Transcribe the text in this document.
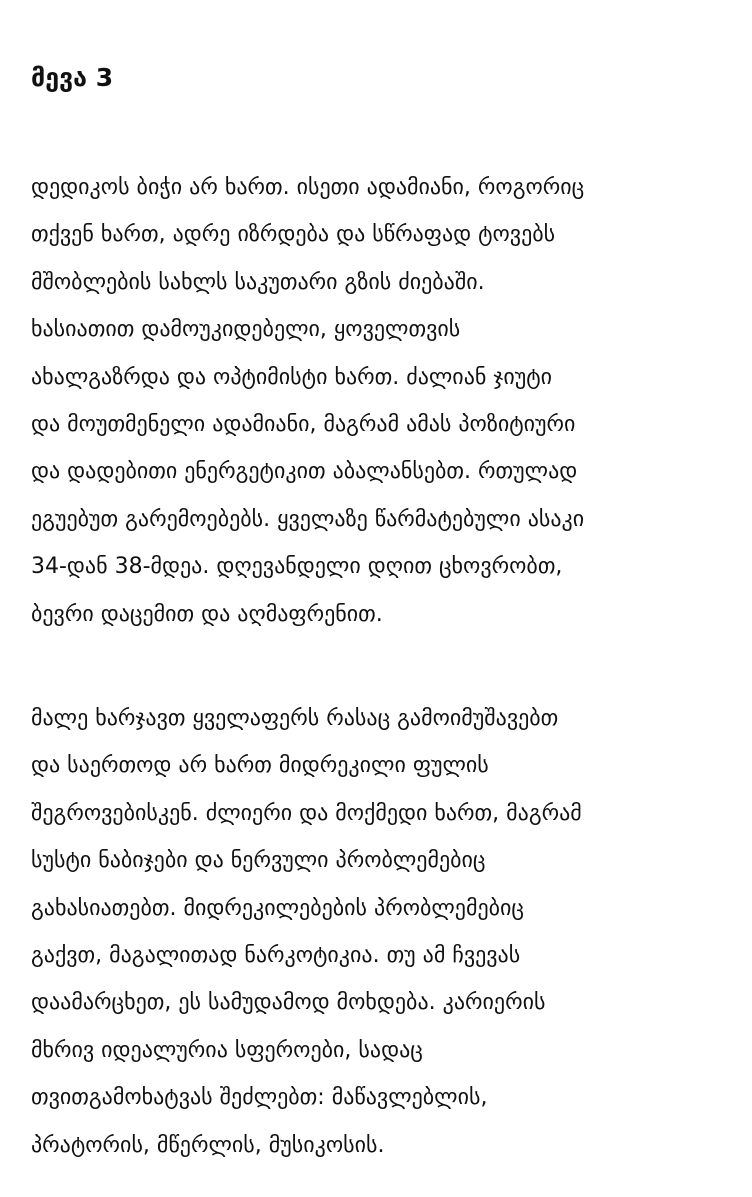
მევა 3

დედიკოს ბიჭი არ ხართ. ისეთი ადამიანი, როგორიც
თქვენ ხართ, ადრე იზრდება და სწრაფად ტოვებს
მშობლების სახლს საკუთარი გზის ძიებაში.
ხასიათით დამოუკიდებელი, ყოველთვის
ახალგაზრდა და ოპტიმისტი ხართ. ძალიან ჯიუტი
და მოუთმენელი ადამიანი, მაგრამ ამას პოზიტიური
და დადებითი ენერგეტიკით აბალანსებთ. რთულად
ეგუებუთ გარემოებებს. ყველაზე წარმატებული ასაკი
34-დან 38-მდეა. დღევანდელი დღით ცხოვრობთ,
ბევრი დაცემით და აღმაფრენით.

მალე ხარჯავთ ყველაფერს რასაც გამოიმუშავებთ
და საერთოდ არ ხართ მიდრეკილი ფულის
შეგროვებისკენ. ძლიერი და მოქმედი ხართ, მაგრამ
სუსტი ნაბიჯები და ნერვული პრობლემებიც
გახასიათებთ. მიდრეკილებების პრობლემებიც
გაქვთ, მაგალითად ნარკოტიკია. თუ ამ ჩვევას
დაამარცხეთ, ეს სამუდამოდ მოხდება. კარიერის
მხრივ იდეალურია სფეროები, სადაც
თვითგამოხატვას შეძლებთ: მაწავლებლის,
პრატორის, მწერლის, მუსიკოსის.
